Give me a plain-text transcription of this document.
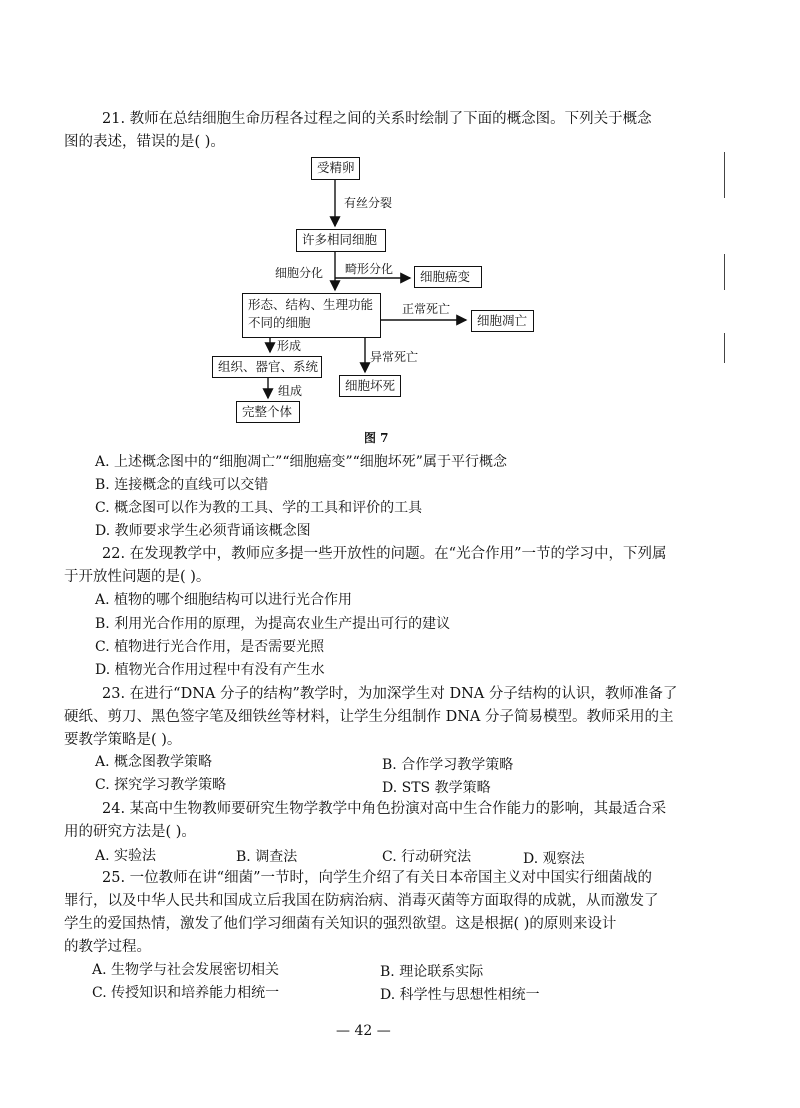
21. 教师在总结细胞生命历程各过程之间的关系时绘制了下面的概念图。下列关于概念
图的表述，错误的是( )。
受精卵
有丝分裂
许多相同细胞
细胞分化 畸形分化	细胞癌变
形态、结构、生理功能
不同的细胞
正常死亡
细胞凋亡
形成
异常死亡
组织、器官、系统
细胞坏死
组成
完整个体
图 7
A. 上述概念图中的“细胞凋亡”“细胞癌变”“细胞坏死”属于平行概念
B. 连接概念的直线可以交错
C. 概念图可以作为教的工具、学的工具和评价的工具
D. 教师要求学生必须背诵该概念图
22. 在发现教学中，教师应多提一些开放性的问题。在“光合作用”一节的学习中，下列属
于开放性问题的是( )。
A. 植物的哪个细胞结构可以进行光合作用
B. 利用光合作用的原理，为提高农业生产提出可行的建议
C. 植物进行光合作用，是否需要光照
D. 植物光合作用过程中有没有产生水
23. 在进行“DNA 分子的结构”教学时，为加深学生对 DNA 分子结构的认识，教师准备了
硬纸、剪刀、黑色签字笔及细铁丝等材料，让学生分组制作 DNA 分子简易模型。教师采用的主
要教学策略是( )。
A. 概念图教学策略	B. 合作学习教学策略
C. 探究学习教学策略	D. STS 教学策略
24. 某高中生物教师要研究生物学教学中角色扮演对高中生合作能力的影响，其最适合采
用的研究方法是( )。
A. 实验法	B. 调查法	C. 行动研究法	D. 观察法
25. 一位教师在讲“细菌”一节时，向学生介绍了有关日本帝国主义对中国实行细菌战的
罪行，以及中华人民共和国成立后我国在防病治病、消毒灭菌等方面取得的成就，从而激发了
学生的爱国热情，激发了他们学习细菌有关知识的强烈欲望。这是根据( )的原则来设计
的教学过程。
A. 生物学与社会发展密切相关	B. 理论联系实际
C. 传授知识和培养能力相统一	D. 科学性与思想性相统一
— 42 —
